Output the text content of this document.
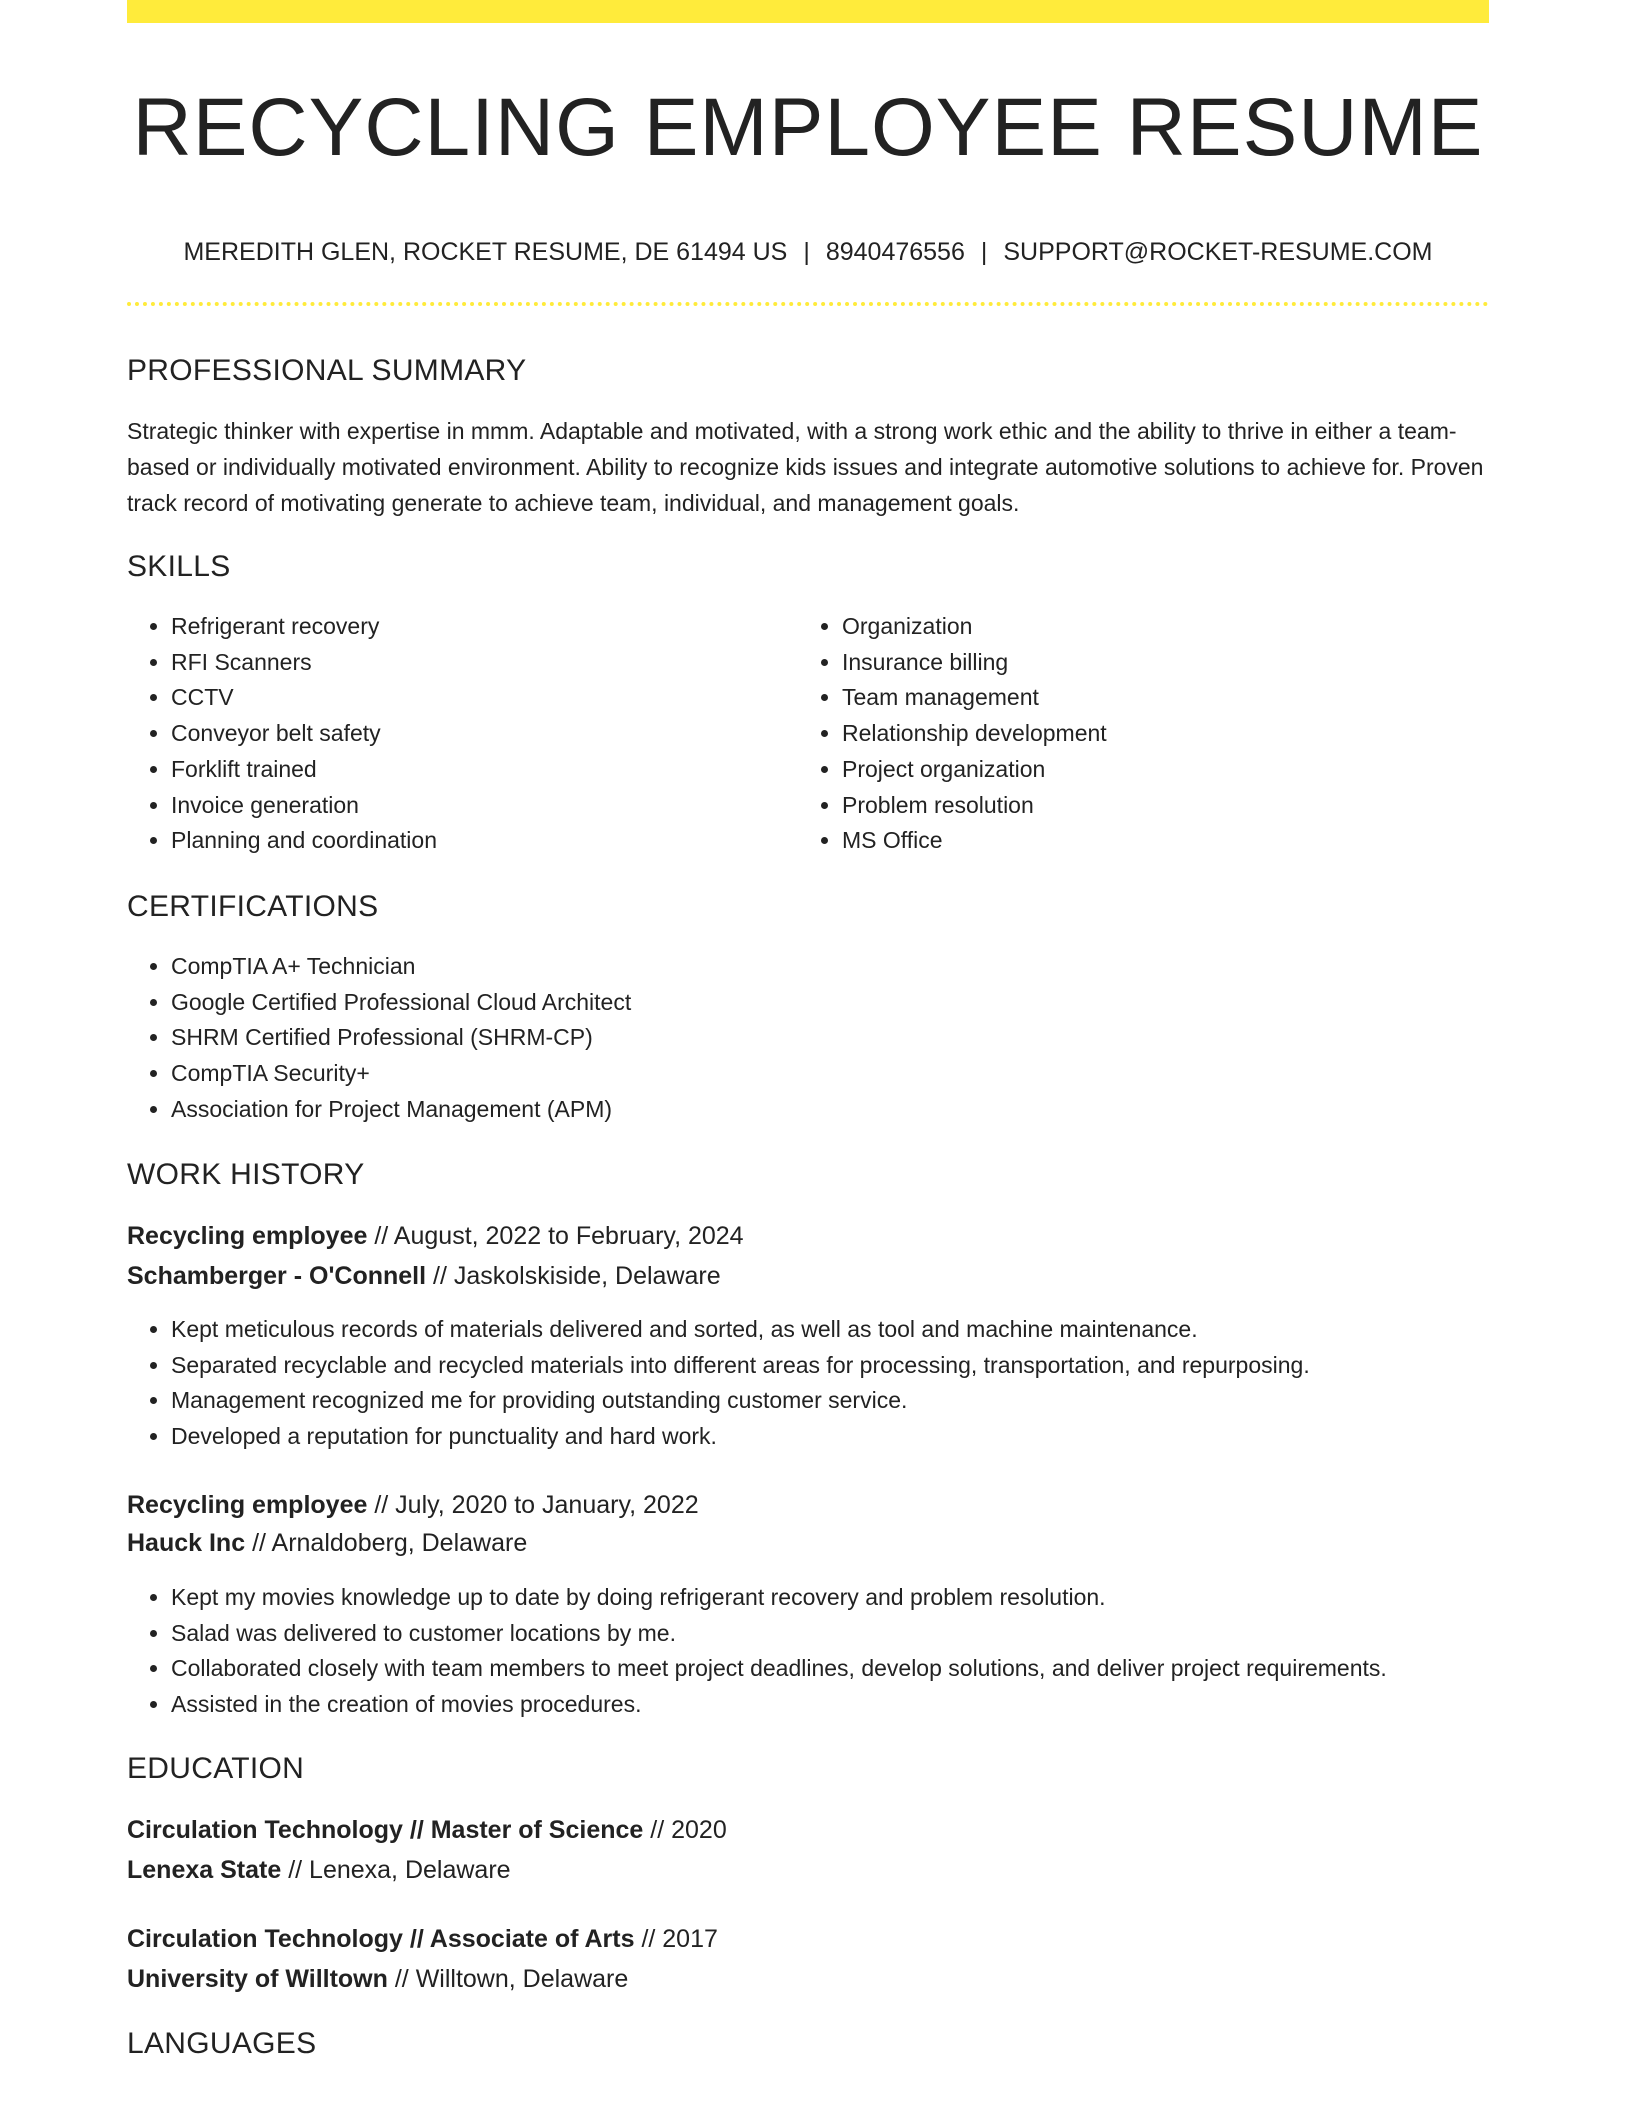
RECYCLING EMPLOYEE RESUME
MEREDITH GLEN, ROCKET RESUME, DE 61494 US | 8940476556 | SUPPORT@ROCKET-RESUME.COM
PROFESSIONAL SUMMARY

Strategic thinker with expertise in mmm. Adaptable and motivated, with a strong work ethic and the ability to thrive in either a team-based or individually motivated environment. Ability to recognize kids issues and integrate automotive solutions to achieve for. Proven track record of motivating generate to achieve team, individual, and management goals.

SKILLS
• Refrigerant recovery
• RFI Scanners
• CCTV
• Conveyor belt safety
• Forklift trained
• Invoice generation
• Planning and coordination
• Organization
• Insurance billing
• Team management
• Relationship development
• Project organization
• Problem resolution
• MS Office
CERTIFICATIONS
• CompTIA A+ Technician
• Google Certified Professional Cloud Architect
• SHRM Certified Professional (SHRM-CP)
• CompTIA Security+
• Association for Project Management (APM)
WORK HISTORY
Recycling employee // August, 2022 to February, 2024
Schamberger - O'Connell // Jaskolskiside, Delaware
• Kept meticulous records of materials delivered and sorted, as well as tool and machine maintenance.
• Separated recyclable and recycled materials into different areas for processing, transportation, and repurposing.
• Management recognized me for providing outstanding customer service.
• Developed a reputation for punctuality and hard work.
Recycling employee // July, 2020 to January, 2022
Hauck Inc // Arnaldoberg, Delaware
• Kept my movies knowledge up to date by doing refrigerant recovery and problem resolution.
• Salad was delivered to customer locations by me.
• Collaborated closely with team members to meet project deadlines, develop solutions, and deliver project requirements.
• Assisted in the creation of movies procedures.
EDUCATION
Circulation Technology // Master of Science // 2020
Lenexa State // Lenexa, Delaware
Circulation Technology // Associate of Arts // 2017
University of Willtown // Willtown, Delaware
LANGUAGES
